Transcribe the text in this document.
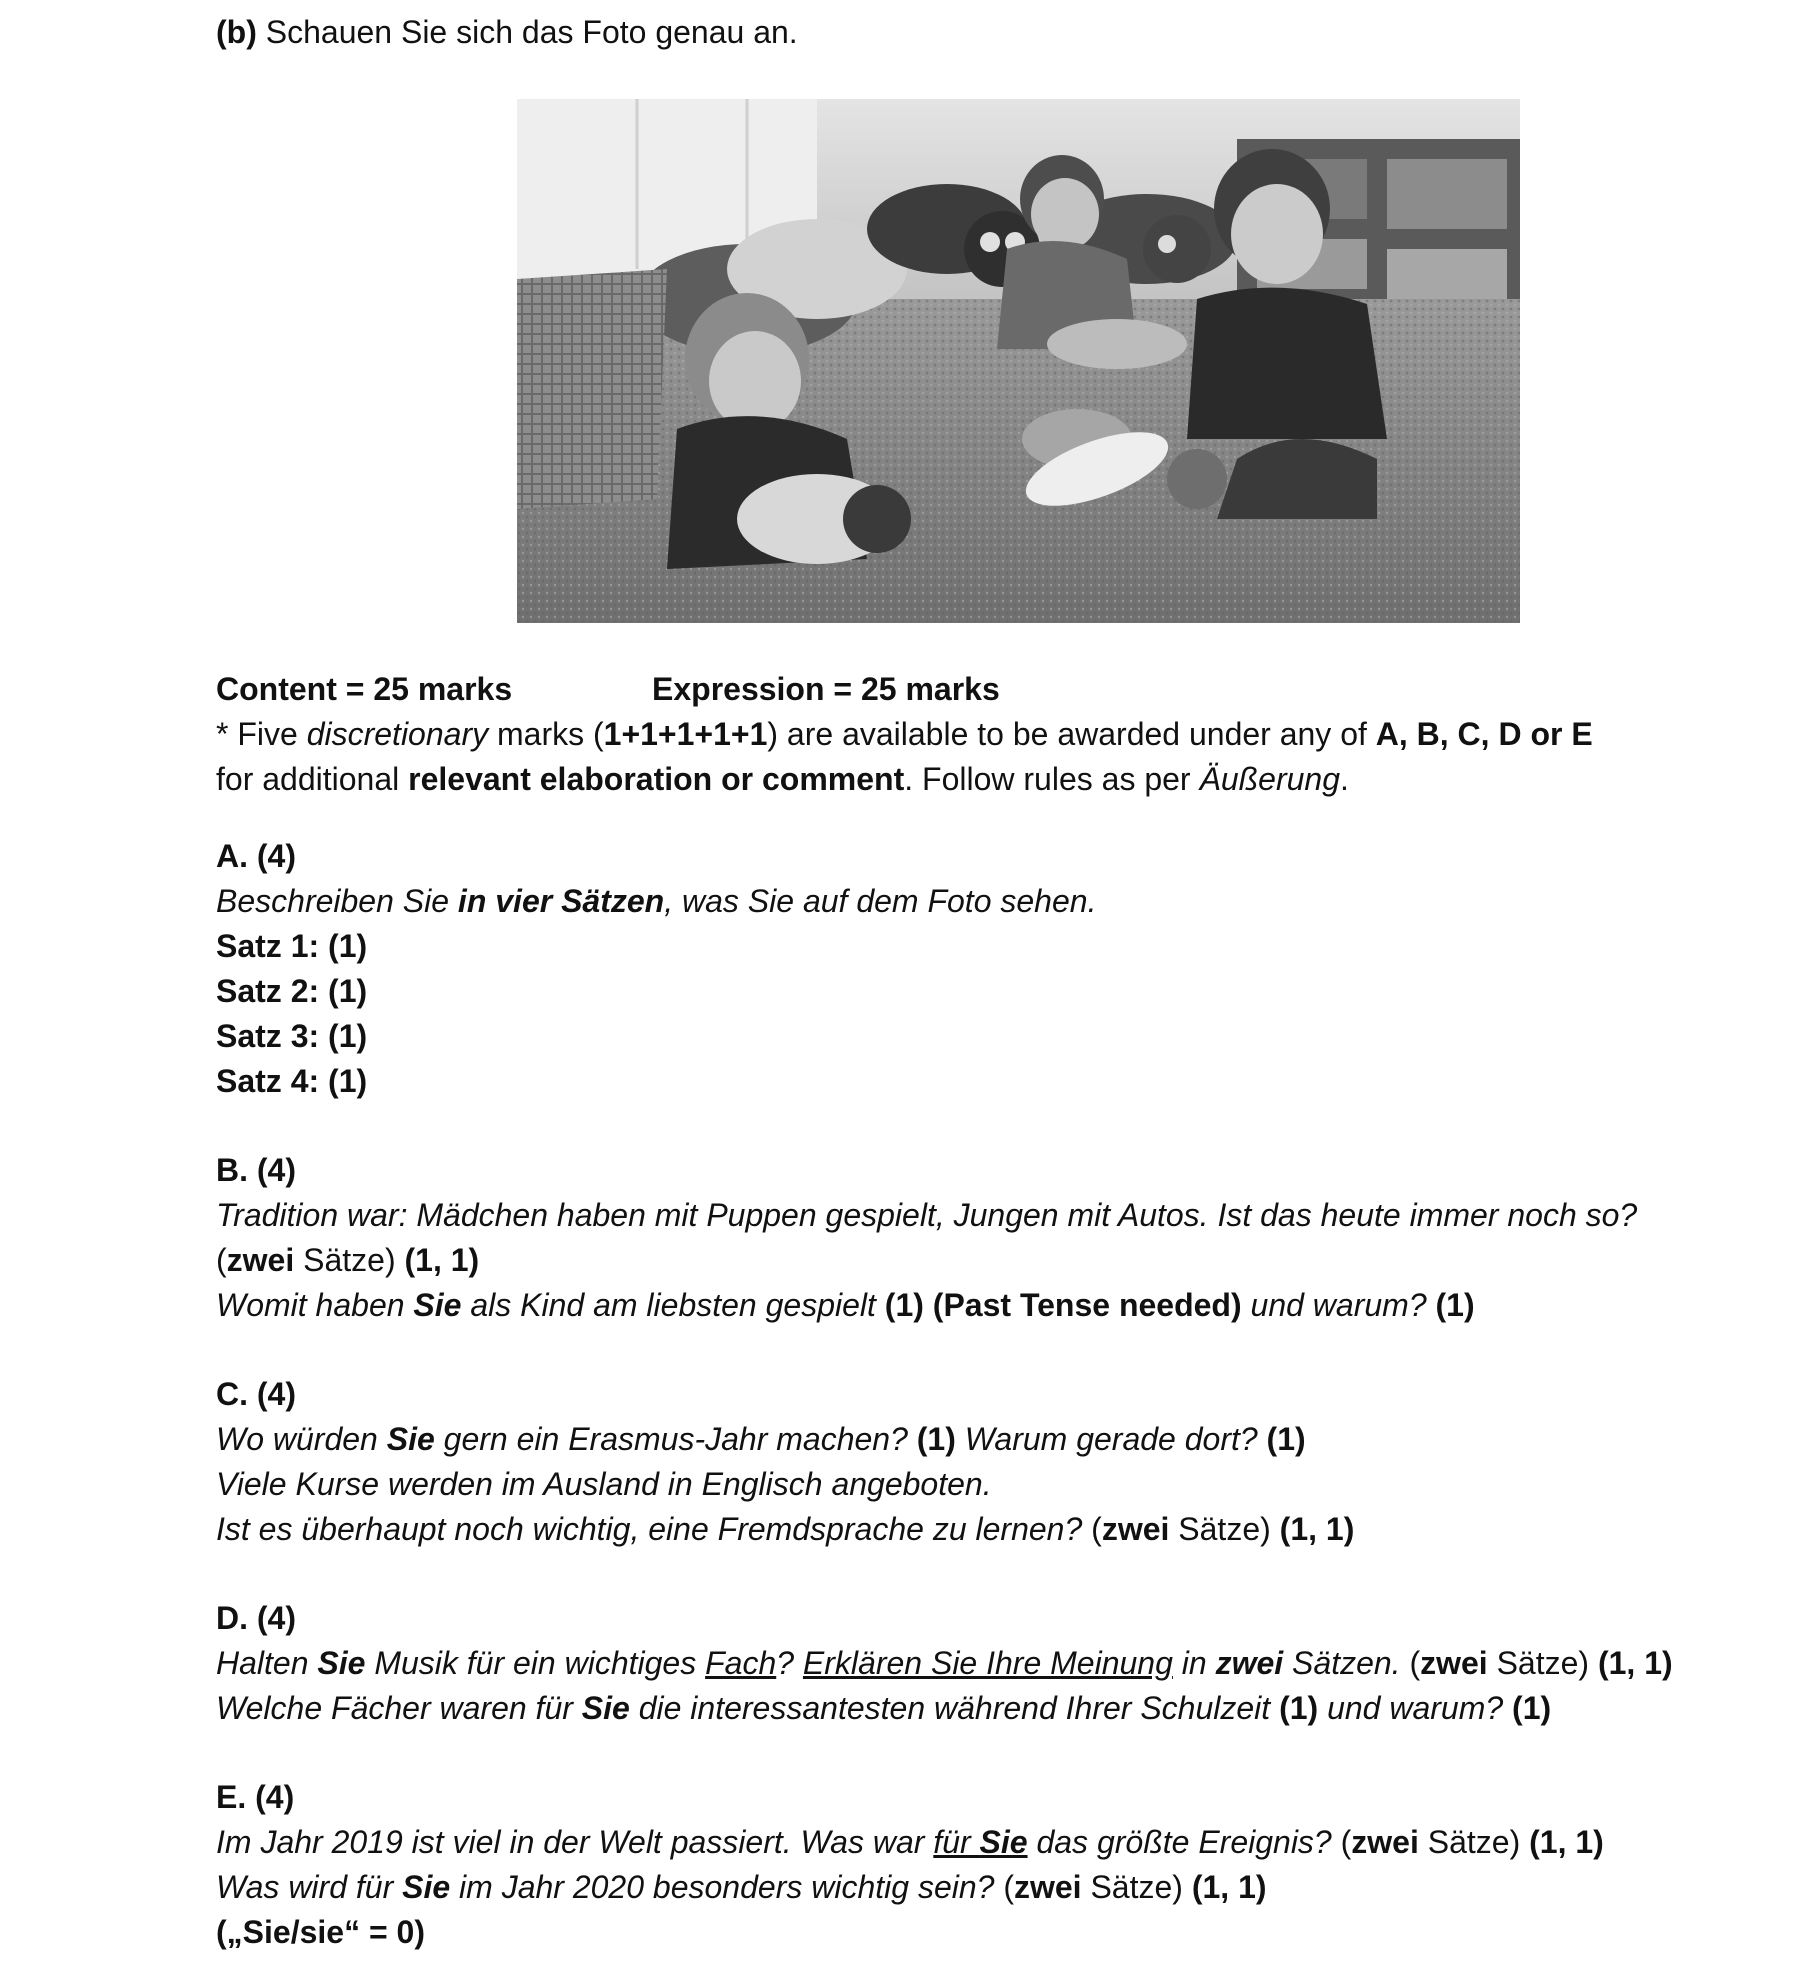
(b) Schauen Sie sich das Foto genau an.

Content = 25 marks	Expression = 25 marks

* Five discretionary marks (1+1+1+1+1) are available to be awarded under any of A, B, C, D or E

for additional relevant elaboration or comment. Follow rules as per Äußerung.

A. (4)

Beschreiben Sie in vier Sätzen, was Sie auf dem Foto sehen.

Satz 1: (1)

Satz 2: (1)

Satz 3: (1)

Satz 4: (1)

B. (4)

Tradition war: Mädchen haben mit Puppen gespielt, Jungen mit Autos. Ist das heute immer noch so?

(zwei Sätze) (1, 1)

Womit haben Sie als Kind am liebsten gespielt (1) (Past Tense needed) und warum? (1)

C. (4)

Wo würden Sie gern ein Erasmus-Jahr machen? (1) Warum gerade dort? (1)

Viele Kurse werden im Ausland in Englisch angeboten.

Ist es überhaupt noch wichtig, eine Fremdsprache zu lernen? (zwei Sätze) (1, 1)

D. (4)

Halten Sie Musik für ein wichtiges Fach? Erklären Sie Ihre Meinung in zwei Sätzen. (zwei Sätze) (1, 1)

Welche Fächer waren für Sie die interessantesten während Ihrer Schulzeit (1) und warum? (1)

E. (4)

Im Jahr 2019 ist viel in der Welt passiert. Was war für Sie das größte Ereignis? (zwei Sätze) (1, 1)

Was wird für Sie im Jahr 2020 besonders wichtig sein? (zwei Sätze) (1, 1)

(„Sie/sie“ = 0)
